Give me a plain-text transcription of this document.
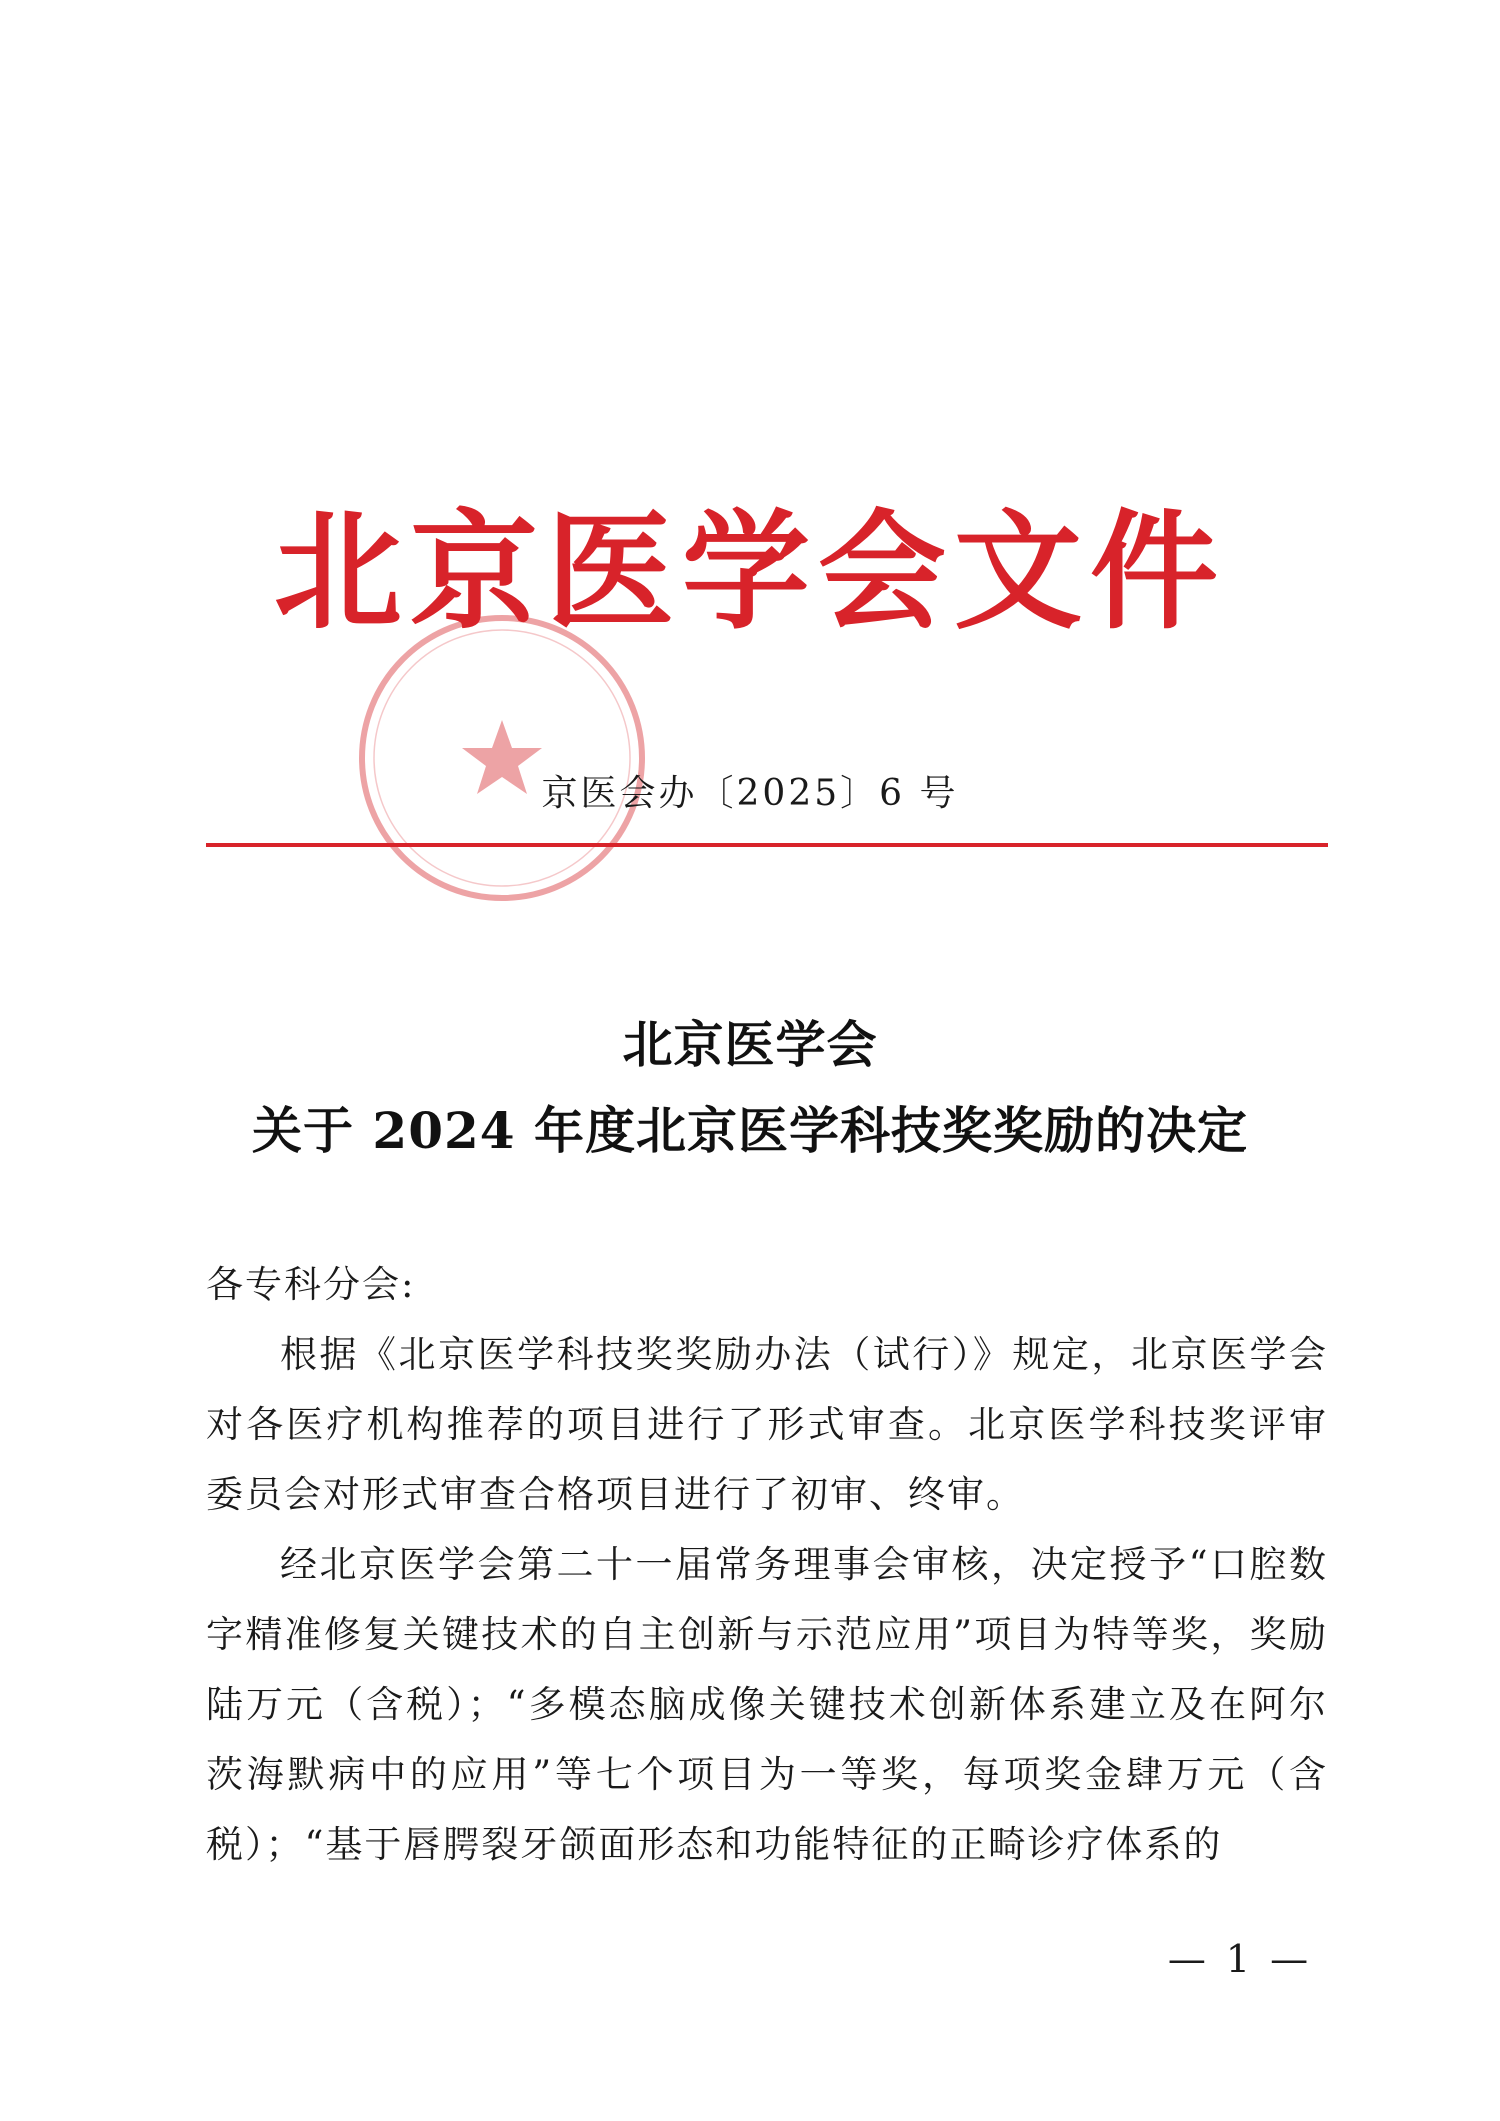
北京医学会文件
京医会办〔2025〕6 号
北京医学会
关于 2024 年度北京医学科技奖奖励的决定

各专科分会:

根据《北京医学科技奖奖励办法（试行）》规定，北京医学会对各医疗机构推荐的项目进行了形式审查。北京医学科技奖评审委员会对形式审查合格项目进行了初审、终审。

经北京医学会第二十一届常务理事会审核，决定授予“口腔数字精准修复关键技术的自主创新与示范应用”项目为特等奖，奖励陆万元（含税）；“多模态脑成像关键技术创新体系建立及在阿尔茨海默病中的应用”等七个项目为一等奖，每项奖金肆万元（含税）；“基于唇腭裂牙颌面形态和功能特征的正畸诊疗体系的

— 1 —
